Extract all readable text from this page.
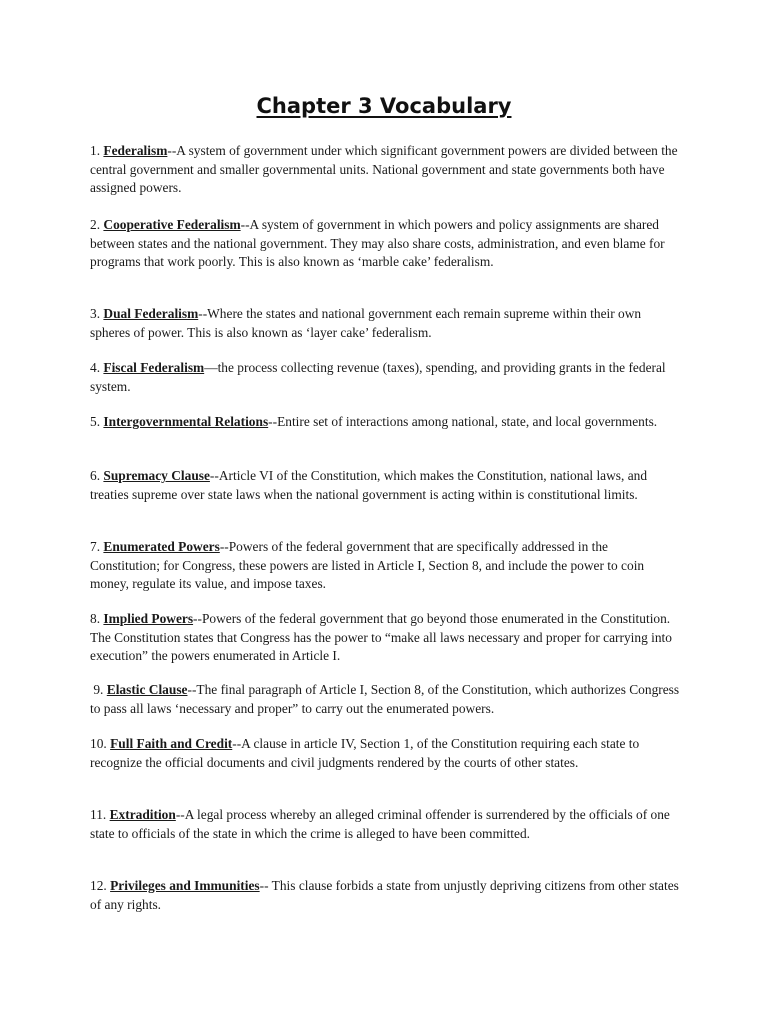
Chapter 3 Vocabulary

1. Federalism--A system of government under which significant government powers are divided between the central government and smaller governmental units. National government and state governments both have assigned powers.

2. Cooperative Federalism--A system of government in which powers and policy assignments are shared between states and the national government. They may also share costs, administration, and even blame for programs that work poorly. This is also known as ‘marble cake’ federalism.

3. Dual Federalism--Where the states and national government each remain supreme within their own spheres of power. This is also known as ‘layer cake’ federalism.

4. Fiscal Federalism—the process collecting revenue (taxes), spending, and providing grants in the federal system.

5. Intergovernmental Relations--Entire set of interactions among national, state, and local governments.

6. Supremacy Clause--Article VI of the Constitution, which makes the Constitution, national laws, and treaties supreme over state laws when the national government is acting within is constitutional limits.

7. Enumerated Powers--Powers of the federal government that are specifically addressed in the Constitution; for Congress, these powers are listed in Article I, Section 8, and include the power to coin money, regulate its value, and impose taxes.

8. Implied Powers--Powers of the federal government that go beyond those enumerated in the Constitution. The Constitution states that Congress has the power to “make all laws necessary and proper for carrying into execution” the powers enumerated in Article I.

9. Elastic Clause--The final paragraph of Article I, Section 8, of the Constitution, which authorizes Congress to pass all laws ‘necessary and proper” to carry out the enumerated powers.

10. Full Faith and Credit--A clause in article IV, Section 1, of the Constitution requiring each state to recognize the official documents and civil judgments rendered by the courts of other states.

11. Extradition--A legal process whereby an alleged criminal offender is surrendered by the officials of one state to officials of the state in which the crime is alleged to have been committed.

12. Privileges and Immunities-- This clause forbids a state from unjustly depriving citizens from other states of any rights.
